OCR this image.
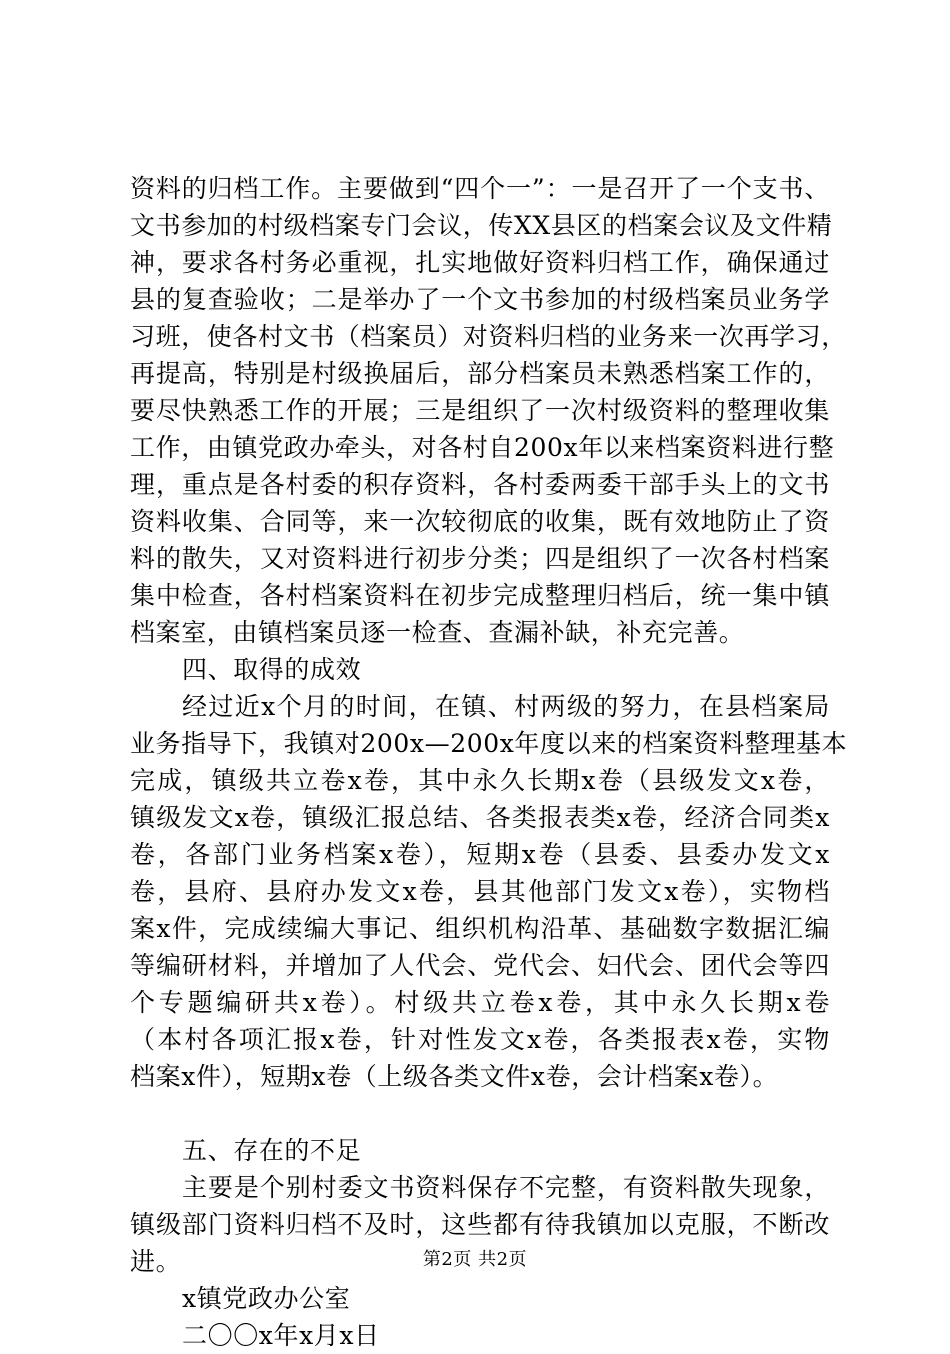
资料的归档工作。主要做到“四个一”：一是召开了一个支书、
文书参加的村级档案专门会议，传XX县区的档案会议及文件精
神，要求各村务必重视，扎实地做好资料归档工作，确保通过
县的复查验收；二是举办了一个文书参加的村级档案员业务学
习班，使各村文书（档案员）对资料归档的业务来一次再学习，
再提高，特别是村级换届后，部分档案员未熟悉档案工作的，
要尽快熟悉工作的开展；三是组织了一次村级资料的整理收集
工作，由镇党政办牵头，对各村自200x年以来档案资料进行整
理，重点是各村委的积存资料，各村委两委干部手头上的文书
资料收集、合同等，来一次较彻底的收集，既有效地防止了资
料的散失，又对资料进行初步分类；四是组织了一次各村档案
集中检查，各村档案资料在初步完成整理归档后，统一集中镇
档案室，由镇档案员逐一检查、查漏补缺，补充完善。
四、取得的成效
经过近x个月的时间，在镇、村两级的努力，在县档案局
业务指导下，我镇对200x—200x年度以来的档案资料整理基本
完成，镇级共立卷x卷，其中永久长期x卷（县级发文x卷，
镇级发文x卷，镇级汇报总结、各类报表类x卷，经济合同类x
卷，各部门业务档案x卷），短期x卷（县委、县委办发文x
卷，县府、县府办发文x卷，县其他部门发文x卷），实物档
案x件，完成续编大事记、组织机构沿革、基础数字数据汇编
等编研材料，并增加了人代会、党代会、妇代会、团代会等四
个专题编研共x卷）。村级共立卷x卷，其中永久长期x卷
（本村各项汇报x卷，针对性发文x卷，各类报表x卷，实物
档案x件），短期x卷（上级各类文件x卷，会计档案x卷）。
五、存在的不足
主要是个别村委文书资料保存不完整，有资料散失现象，
镇级部门资料归档不及时，这些都有待我镇加以克服，不断改
进。
x镇党政办公室
二〇〇x年x月x日
第2页 共2页
